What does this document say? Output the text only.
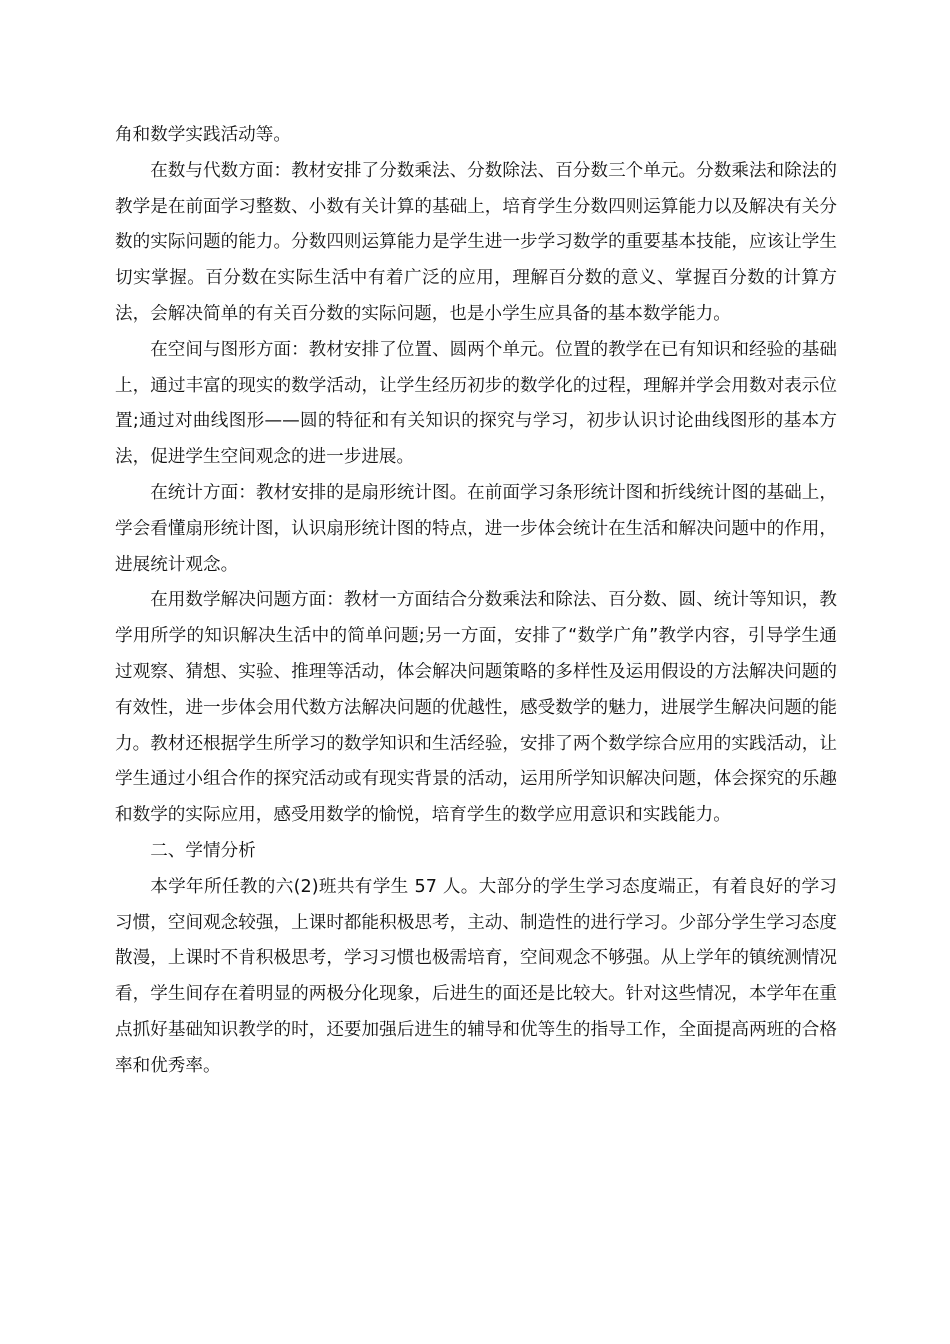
角和数学实践活动等。

在数与代数方面：教材安排了分数乘法、分数除法、百分数三个单元。分数乘法和除法的教学是在前面学习整数、小数有关计算的基础上，培育学生分数四则运算能力以及解决有关分数的实际问题的能力。分数四则运算能力是学生进一步学习数学的重要基本技能，应该让学生切实掌握。百分数在实际生活中有着广泛的应用，理解百分数的意义、掌握百分数的计算方法，会解决简单的有关百分数的实际问题，也是小学生应具备的基本数学能力。

在空间与图形方面：教材安排了位置、圆两个单元。位置的教学在已有知识和经验的基础上，通过丰富的现实的数学活动，让学生经历初步的数学化的过程，理解并学会用数对表示位置;通过对曲线图形——圆的特征和有关知识的探究与学习，初步认识讨论曲线图形的基本方法，促进学生空间观念的进一步进展。

在统计方面：教材安排的是扇形统计图。在前面学习条形统计图和折线统计图的基础上，学会看懂扇形统计图，认识扇形统计图的特点，进一步体会统计在生活和解决问题中的作用，进展统计观念。

在用数学解决问题方面：教材一方面结合分数乘法和除法、百分数、圆、统计等知识，教学用所学的知识解决生活中的简单问题;另一方面，安排了“数学广角”教学内容，引导学生通过观察、猜想、实验、推理等活动，体会解决问题策略的多样性及运用假设的方法解决问题的有效性，进一步体会用代数方法解决问题的优越性，感受数学的魅力，进展学生解决问题的能力。教材还根据学生所学习的数学知识和生活经验，安排了两个数学综合应用的实践活动，让学生通过小组合作的探究活动或有现实背景的活动，运用所学知识解决问题，体会探究的乐趣和数学的实际应用，感受用数学的愉悦，培育学生的数学应用意识和实践能力。

二、学情分析

本学年所任教的六(2)班共有学生 57 人。大部分的学生学习态度端正，有着良好的学习习惯，空间观念较强，上课时都能积极思考，主动、制造性的进行学习。少部分学生学习态度散漫，上课时不肯积极思考，学习习惯也极需培育，空间观念不够强。从上学年的镇统测情况看，学生间存在着明显的两极分化现象，后进生的面还是比较大。针对这些情况，本学年在重点抓好基础知识教学的时，还要加强后进生的辅导和优等生的指导工作，全面提高两班的合格率和优秀率。
